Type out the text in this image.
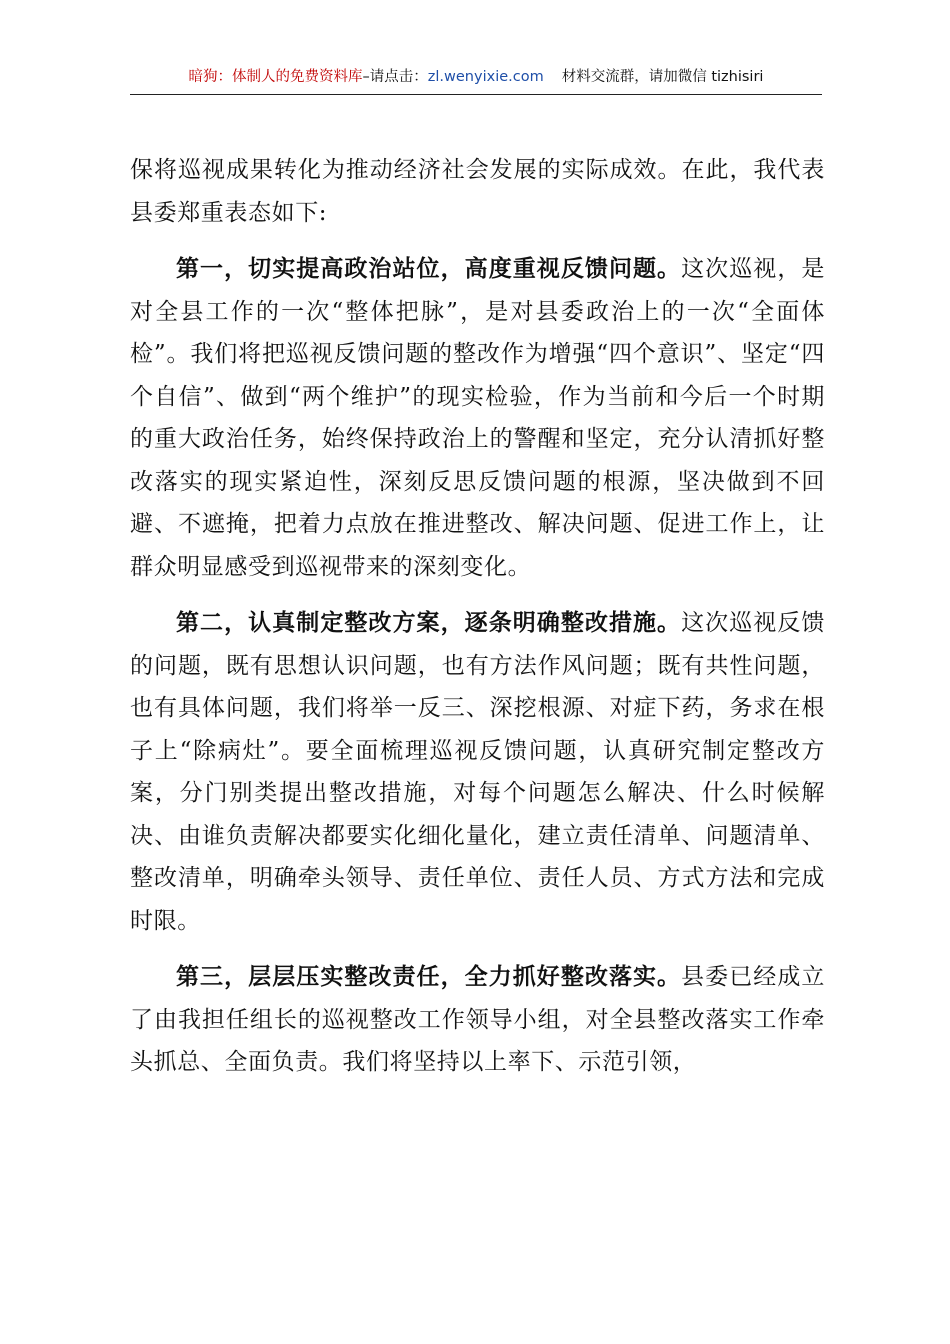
暗狗：体制人的免费资料库–请点击：zl.wenyixie.com 材料交流群，请加微信 tizhisiri

保将巡视成果转化为推动经济社会发展的实际成效。在此，我代表县委郑重表态如下:

第一，切实提高政治站位，高度重视反馈问题。这次巡视，是对全县工作的一次“整体把脉”，是对县委政治上的一次“全面体检”。我们将把巡视反馈问题的整改作为增强“四个意识”、坚定“四个自信”、做到“两个维护”的现实检验，作为当前和今后一个时期的重大政治任务，始终保持政治上的警醒和坚定，充分认清抓好整改落实的现实紧迫性，深刻反思反馈问题的根源，坚决做到不回避、不遮掩，把着力点放在推进整改、解决问题、促进工作上，让群众明显感受到巡视带来的深刻变化。

第二，认真制定整改方案，逐条明确整改措施。这次巡视反馈的问题，既有思想认识问题，也有方法作风问题；既有共性问题，也有具体问题，我们将举一反三、深挖根源、对症下药，务求在根子上“除病灶”。要全面梳理巡视反馈问题，认真研究制定整改方案，分门别类提出整改措施，对每个问题怎么解决、什么时候解决、由谁负责解决都要实化细化量化，建立责任清单、问题清单、整改清单，明确牵头领导、责任单位、责任人员、方式方法和完成时限。

第三，层层压实整改责任，全力抓好整改落实。县委已经成立了由我担任组长的巡视整改工作领导小组，对全县整改落实工作牵头抓总、全面负责。我们将坚持以上率下、示范引领，
